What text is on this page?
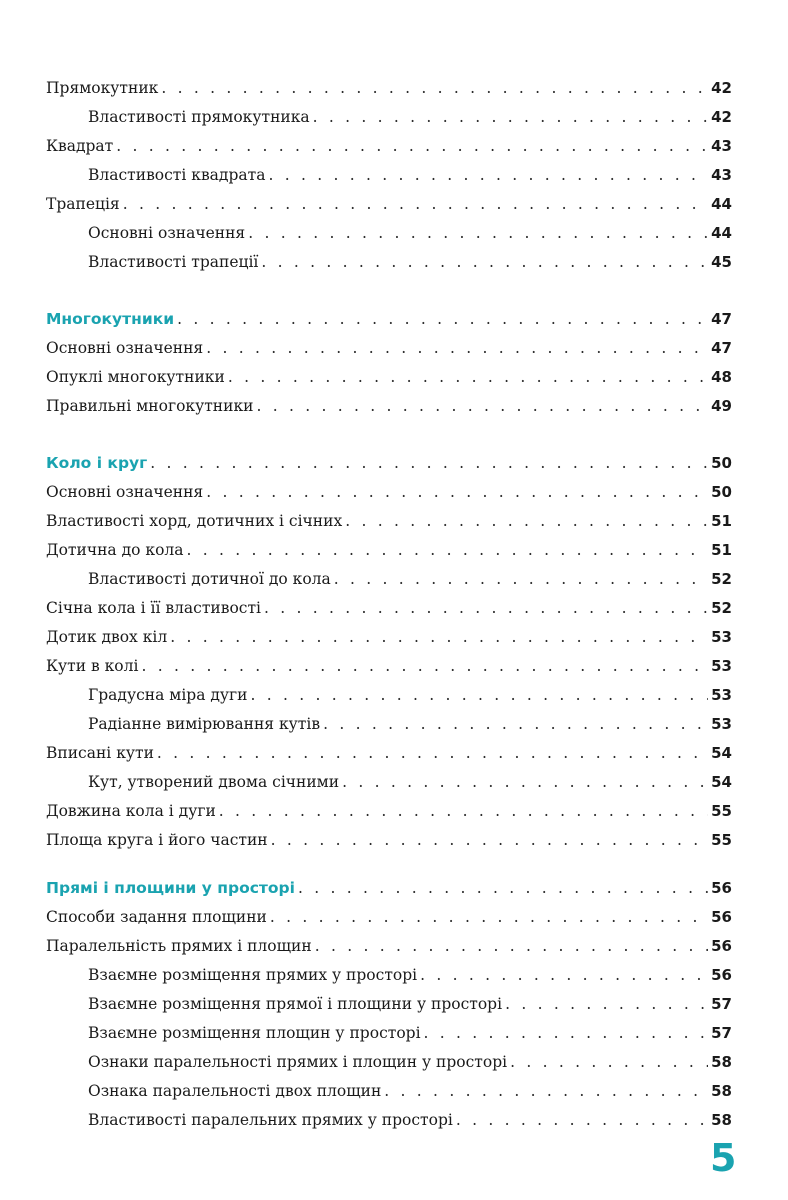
Прямокутник . . .	42
Властивості прямокутника . . .	42
Квадрат . . .	43
Властивості квадрата . . .	43
Трапеція . . .	44
Основні означення . . .	44
Властивості трапеції . . .	45
Многокутники . . .	47
Основні означення . . .	47
Опуклі многокутники . . .	48
Правильні многокутники . . .	49
Коло і круг . . .	50
Основні означення . . .	50
Властивості хорд, дотичних і січних . . .	51
Дотична до кола . . .	51
Властивості дотичної до кола . . .	52
Січна кола і її властивості . . .	52
Дотик двох кіл . . .	53
Кути в колі . . .	53
Градусна міра дуги . . .	53
Радіанне вимірювання кутів . . .	53
Вписані кути . . .	54
Кут, утворений двома січними . . .	54
Довжина кола і дуги . . .	55
Площа круга і його частин . . .	55
Прямі і площини у просторі . . .	56
Способи задання площини . . .	56
Паралельність прямих і площин . . .	56
Взаємне розміщення прямих у просторі . . .	56
Взаємне розміщення прямої і площини у просторі . . .	57
Взаємне розміщення площин у просторі . . .	57
Ознаки паралельності прямих і площин у просторі . . .	58
Ознака паралельності двох площин . . .	58
Властивості паралельних прямих у просторі . . .	58
5
